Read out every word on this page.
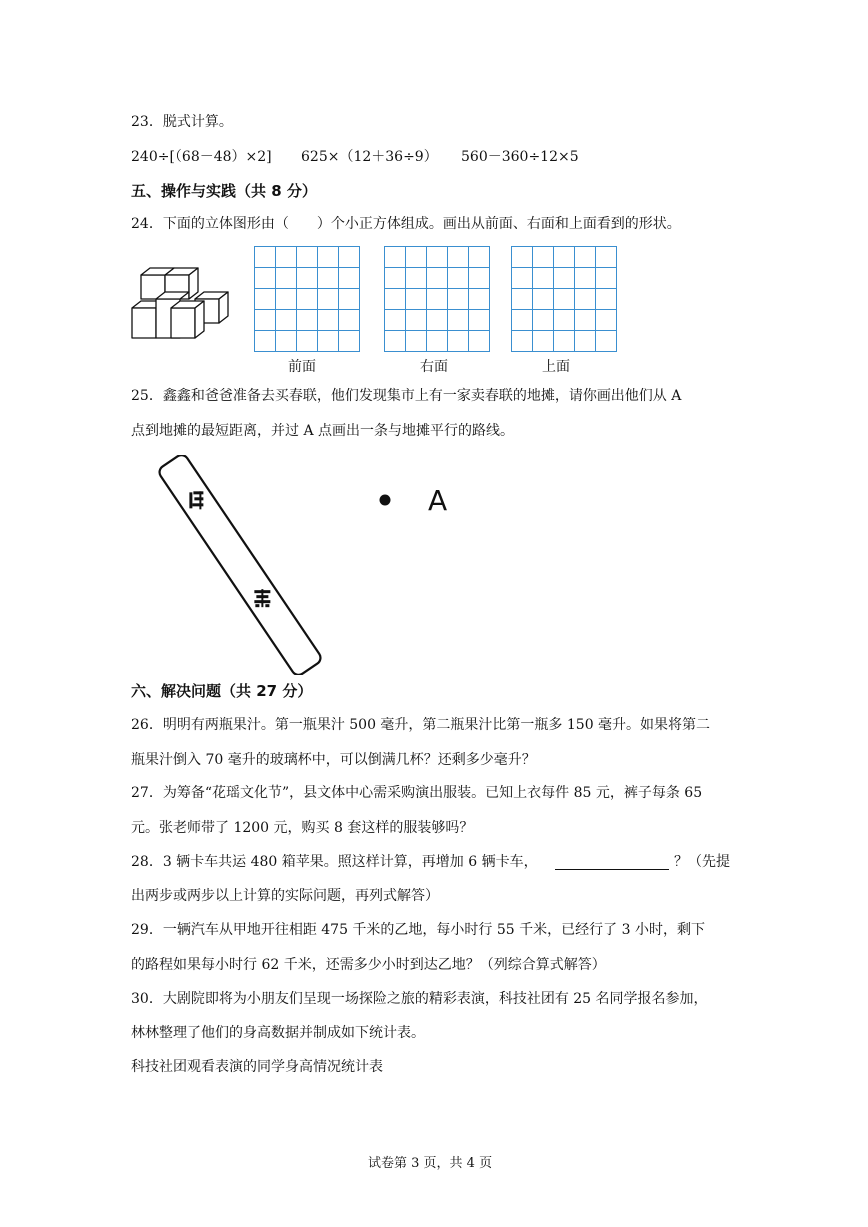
23．脱式计算。
240÷[（68－48）×2] 625×（12＋36÷9） 560－360÷12×5
五、操作与实践（共 8 分）
24．下面的立体图形由（　　）个小正方体组成。画出从前面、右面和上面看到的形状。
前面	右面	上面
25．鑫鑫和爸爸准备去买春联，他们发现集市上有一家卖春联的地摊，请你画出他们从 A
点到地摊的最短距离，并过 A 点画出一条与地摊平行的路线。
A
六、解决问题（共 27 分）
26．明明有两瓶果汁。第一瓶果汁 500 毫升，第二瓶果汁比第一瓶多 150 毫升。如果将第二
瓶果汁倒入 70 毫升的玻璃杯中，可以倒满几杯？还剩多少毫升？
27．为筹备“花瑶文化节”，县文体中心需采购演出服装。已知上衣每件 85 元，裤子每条 65
元。张老师带了 1200 元，购买 8 套这样的服装够吗？
28．3 辆卡车共运 480 箱苹果。照这样计算，再增加 6 辆卡车，	？（先提
出两步或两步以上计算的实际问题，再列式解答）
29．一辆汽车从甲地开往相距 475 千米的乙地，每小时行 55 千米，已经行了 3 小时，剩下
的路程如果每小时行 62 千米，还需多少小时到达乙地？（列综合算式解答）
30．大剧院即将为小朋友们呈现一场探险之旅的精彩表演，科技社团有 25 名同学报名参加，
林林整理了他们的身高数据并制成如下统计表。
科技社团观看表演的同学身高情况统计表
试卷第 3 页，共 4 页
